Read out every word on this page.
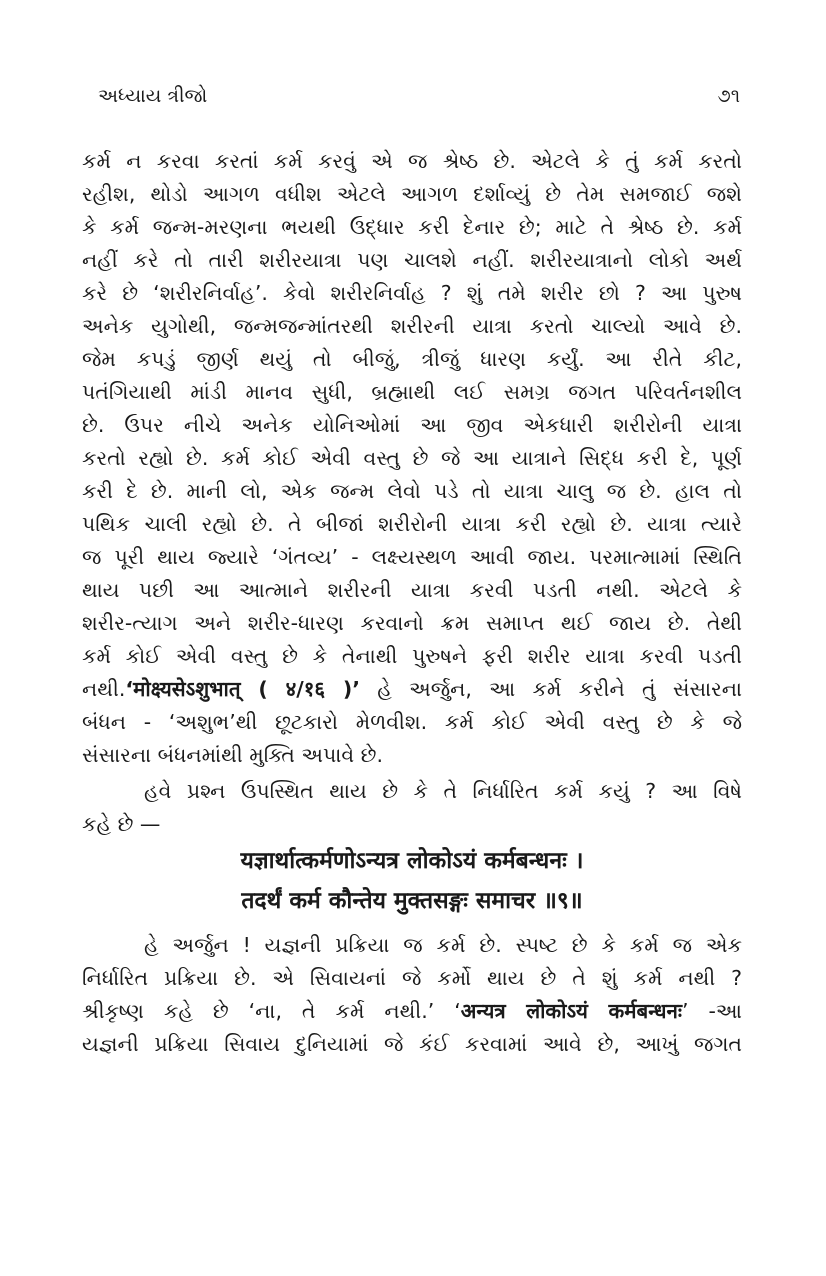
અધ્યાય ત્રીજો	૭૧
કર્મ ન કરવા કરતાં કર્મ કરવું એ જ શ્રેષ્ઠ છે. એટલે કે તું કર્મ કરતો
રહીશ, થોડો આગળ વધીશ એટલે આગળ દર્શાવ્યું છે તેમ સમજાઈ જશે
કે કર્મ જન્મ-મરણના ભયથી ઉદ્ધાર કરી દેનાર છે; માટે તે શ્રેષ્ઠ છે. કર્મ
નહીં કરે તો તારી શરીરયાત્રા પણ ચાલશે નહીં. શરીરયાત્રાનો લોકો અર્થ
કરે છે ‘શરીરનિર્વાહ’. કેવો શરીરનિર્વાહ ? શું તમે શરીર છો ? આ પુરુષ
અનેક યુગોથી, જન્મજન્માંતરથી શરીરની યાત્રા કરતો ચાલ્યો આવે છે.
જેમ કપડું જીર્ણ થયું તો બીજું, ત્રીજું ધારણ કર્યું. આ રીતે કીટ,
પતંગિયાથી માંડી માનવ સુધી, બ્રહ્માથી લઈ સમગ્ર જગત પરિવર્તનશીલ
છે. ઉપર નીચે અનેક યોનિઓમાં આ જીવ એકધારી શરીરોની યાત્રા
કરતો રહ્યો છે. કર્મ કોઈ એવી વસ્તુ છે જે આ યાત્રાને સિદ્ધ કરી દે, પૂર્ણ
કરી દે છે. માની લો, એક જન્મ લેવો પડે તો યાત્રા ચાલુ જ છે. હાલ તો
પથિક ચાલી રહ્યો છે. તે બીજાં શરીરોની યાત્રા કરી રહ્યો છે. યાત્રા ત્યારે
જ પૂરી થાય જ્યારે ‘ગંતવ્ય’ - લક્ષ્યસ્થળ આવી જાય. પરમાત્મામાં સ્થિતિ
થાય પછી આ આત્માને શરીરની યાત્રા કરવી પડતી નથી. એટલે કે
શરીર-ત્યાગ અને શરીર-ધારણ કરવાનો ક્રમ સમાપ્ત થઈ જાય છે. તેથી
કર્મ કોઈ એવી વસ્તુ છે કે તેનાથી પુરુષને ફરી શરીર યાત્રા કરવી પડતી
નથી.‘मोक्ष्यसेऽशुभात् ( ४/१६ )’ હે અર્જુન, આ કર્મ કરીને તું સંસારના
બંધન - ‘અશુભ’થી છૂટકારો મેળવીશ. કર્મ કોઈ એવી વસ્તુ છે કે જે
સંસારના બંધનમાંથી મુક્તિ અપાવે છે.
હવે પ્રશ્ન ઉપસ્થિત થાય છે કે તે નિર્ધારિત કર્મ કયું ? આ વિષે
કહે છે —
यज्ञार्थात्कर्मणोऽन्यत्र लोकोऽयं कर्मबन्धनः ।
तदर्थं कर्म कौन्तेय मुक्तसङ्गः समाचर ॥९॥
હે અર્જુન ! યજ્ઞની પ્રક્રિયા જ કર્મ છે. સ્પષ્ટ છે કે કર્મ જ એક
નિર્ધારિત પ્રક્રિયા છે. એ સિવાયનાં જે કર્મો થાય છે તે શું કર્મ નથી ?
શ્રીકૃષ્ણ કહે છે ‘ના, તે કર્મ નથી.’ ‘अन्यत्र लोकोऽयं कर्मबन्धनः’ -આ
યજ્ઞની પ્રક્રિયા સિવાય દુનિયામાં જે કંઈ કરવામાં આવે છે, આખું જગત
